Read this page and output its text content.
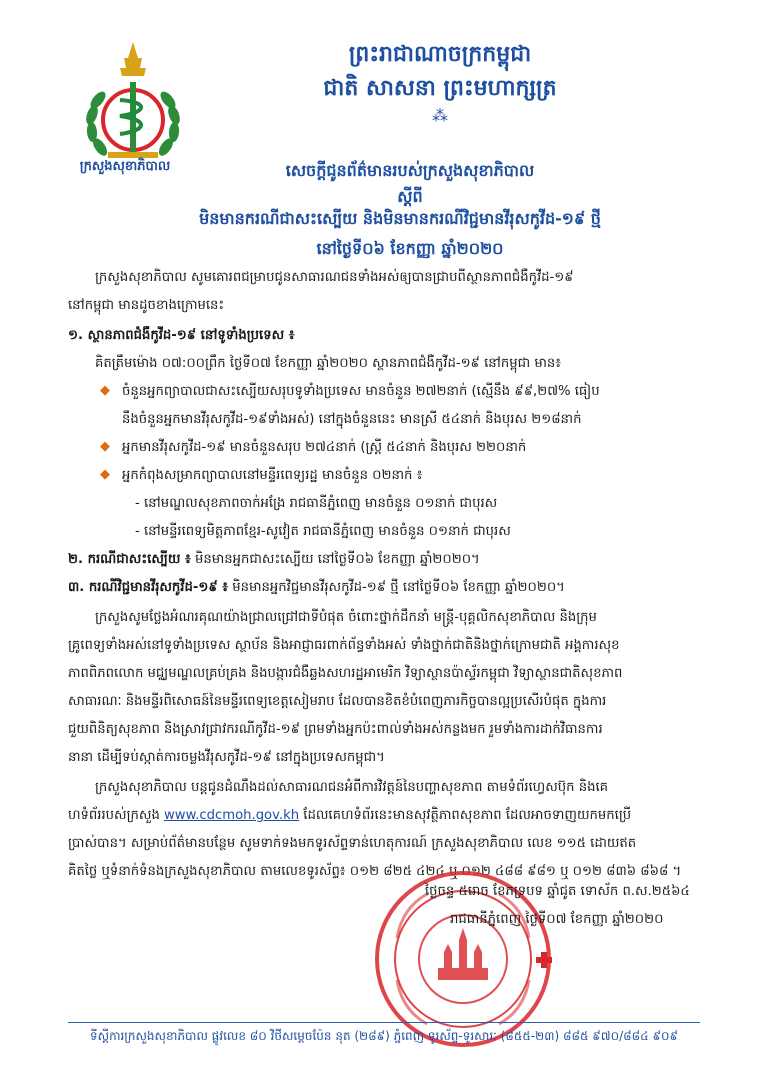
ក្រសួងសុខាភិបាល
ព្រះរាជាណាចក្រកម្ពុជា
ជាតិ សាសនា ព្រះមហាក្សត្រ
⁂
សេចក្តីជូនព័ត៌មានរបស់ក្រសួងសុខាភិបាល
ស្តីពី
មិនមានករណីជាសះស្បើយ និងមិនមានករណីវិជ្ជមានវីរុសកូវីដ-១៩ ថ្មី
នៅថ្ងៃទី០៦ ខែកញ្ញា ឆ្នាំ២០២០
ក្រសួងសុខាភិបាល សូមគោរពជម្រាបជូនសាធារណជនទាំងអស់ឲ្យបានជ្រាបពីស្ថានភាពជំងឺកូវីដ-១៩
នៅកម្ពុជា មានដូចខាងក្រោមនេះ
១. ស្ថានភាពជំងឺកូវីដ-១៩ នៅទូទាំងប្រទេស ៖
គិតត្រឹមម៉ោង ០៧:០០ព្រឹក ថ្ងៃទី០៧ ខែកញ្ញា ឆ្នាំ២០២០ ស្ថានភាពជំងឺកូវីដ-១៩ នៅកម្ពុជា មាន៖
◆ ចំនួនអ្នកព្យាបាលជាសះស្បើយសរុបទូទាំងប្រទេស មានចំនួន ២៧២នាក់ (ស្មើនឹង ៩៩,២៧% ធៀប
នឹងចំនួនអ្នកមានវីរុសកូវីដ-១៩ទាំងអស់) នៅក្នុងចំនួននេះ មានស្រី ៥៤នាក់ និងបុរស ២១៨នាក់
◆ អ្នកមានវីរុសកូវីដ-១៩ មានចំនួនសរុប ២៧៤នាក់ (ស្រ្តី ៥៤នាក់ និងបុរស ២២០នាក់
◆ អ្នកកំពុងសម្រាកព្យាបាលនៅមន្ទីរពេទ្យរដ្ឋ មានចំនួន ០២នាក់ ៖
- នៅមណ្ឌលសុខភាពចាក់អង្រែ រាជធានីភ្នំពេញ មានចំនួន ០១នាក់ ជាបុរស
- នៅមន្ទីរពេទ្យមិត្តភាពខ្មែរ-សូវៀត រាជធានីភ្នំពេញ មានចំនួន ០១នាក់ ជាបុរស
២. ករណីជាសះស្បើយ ៖ មិនមានអ្នកជាសះស្បើយ នៅថ្ងៃទី០៦ ខែកញ្ញា ឆ្នាំ២០២០។
៣. ករណីវិជ្ជមានវីរុសកូវីដ-១៩ ៖ មិនមានអ្នកវិជ្ជមានវីរុសកូវីដ-១៩ ថ្មី នៅថ្ងៃទី០៦ ខែកញ្ញា ឆ្នាំ២០២០។
ក្រសួងសូមថ្លែងអំណរគុណយ៉ាងជ្រាលជ្រៅជាទីបំផុត ចំពោះថ្នាក់ដឹកនាំ មន្ត្រី-បុគ្គលិកសុខាភិបាល និងក្រុម
គ្រូពេទ្យទាំងអស់នៅទូទាំងប្រទេស ស្ថាប័ន និងអាជ្ញាធរពាក់ព័ន្ធទាំងអស់ ទាំងថ្នាក់ជាតិនិងថ្នាក់ក្រោមជាតិ អង្គការសុខ
ភាពពិភពលោក មជ្ឈមណ្ឌលគ្រប់គ្រង និងបង្ការជំងឺឆ្លងសហរដ្ឋអាមេរិក វិទ្យាស្ថានប៉ាស្ទ័រកម្ពុជា វិទ្យាស្ថានជាតិសុខភាព
សាធារណៈ និងមន្ទីរពិសោធន៍នៃមន្ទីរពេទ្យខេត្តសៀមរាប ដែលបានខិតខំបំពេញភារកិច្ចបានល្អប្រសើរបំផុត ក្នុងការ
ជួយពិនិត្យសុខភាព និងស្រាវជ្រាវករណីកូវីដ-១៩ ព្រមទាំងអ្នកប៉ះពាល់ទាំងអស់កន្លងមក រួមទាំងការដាក់វិធានការ
នានា ដើម្បីទប់ស្កាត់ការចម្លងវីរុសកូវីដ-១៩ នៅក្នុងប្រទេសកម្ពុជា។
ក្រសួងសុខាភិបាល បន្តជូនដំណឹងដល់សាធារណជនអំពីការវិវត្តន៍នៃបញ្ហាសុខភាព តាមទំព័រហ្វេសប៊ុក និងគេ
ហទំព័ររបស់ក្រសួង www.cdcmoh.gov.kh ដែលគេហទំព័រនេះមានសុវត្ថិភាពសុខភាព ដែលអាចទាញយកមកប្រើ
ប្រាស់បាន។ សម្រាប់ព័ត៌មានបន្ថែម សូមទាក់ទងមកទូរស័ព្ទទាន់ហេតុការណ៍ ក្រសួងសុខាភិបាល លេខ ១១៥ ដោយឥត
គិតថ្លៃ ឬទំនាក់ទំនងក្រសួងសុខាភិបាល តាមលេខទូរស័ព្ទ៖ ០១២ ៨២៥ ៤២៤ ឬ ០១២ ៤៨៨ ៩៨១ ឬ ០១២ ៨៣៦ ៨៦៨ ។
ថ្ងៃចន្ទ ៥រោច ខែភទ្របទ ឆ្នាំជូត ទោស័ក ព.ស.២៥៦៤
រាជធានីភ្នំពេញ ថ្ងៃទី០៧ ខែកញ្ញា ឆ្នាំ២០២០
ទីស្តីការក្រសួងសុខាភិបាល ផ្លូវលេខ ៨០ វិថីសម្តេចប៉ែន នុត (២៨៩) ភ្នំពេញ ទូរស័ព្ទ-ទូរសារៈ (៨៥៥-២៣) ៨៨៥ ៩៧០/៨៨៤ ៩០៩
